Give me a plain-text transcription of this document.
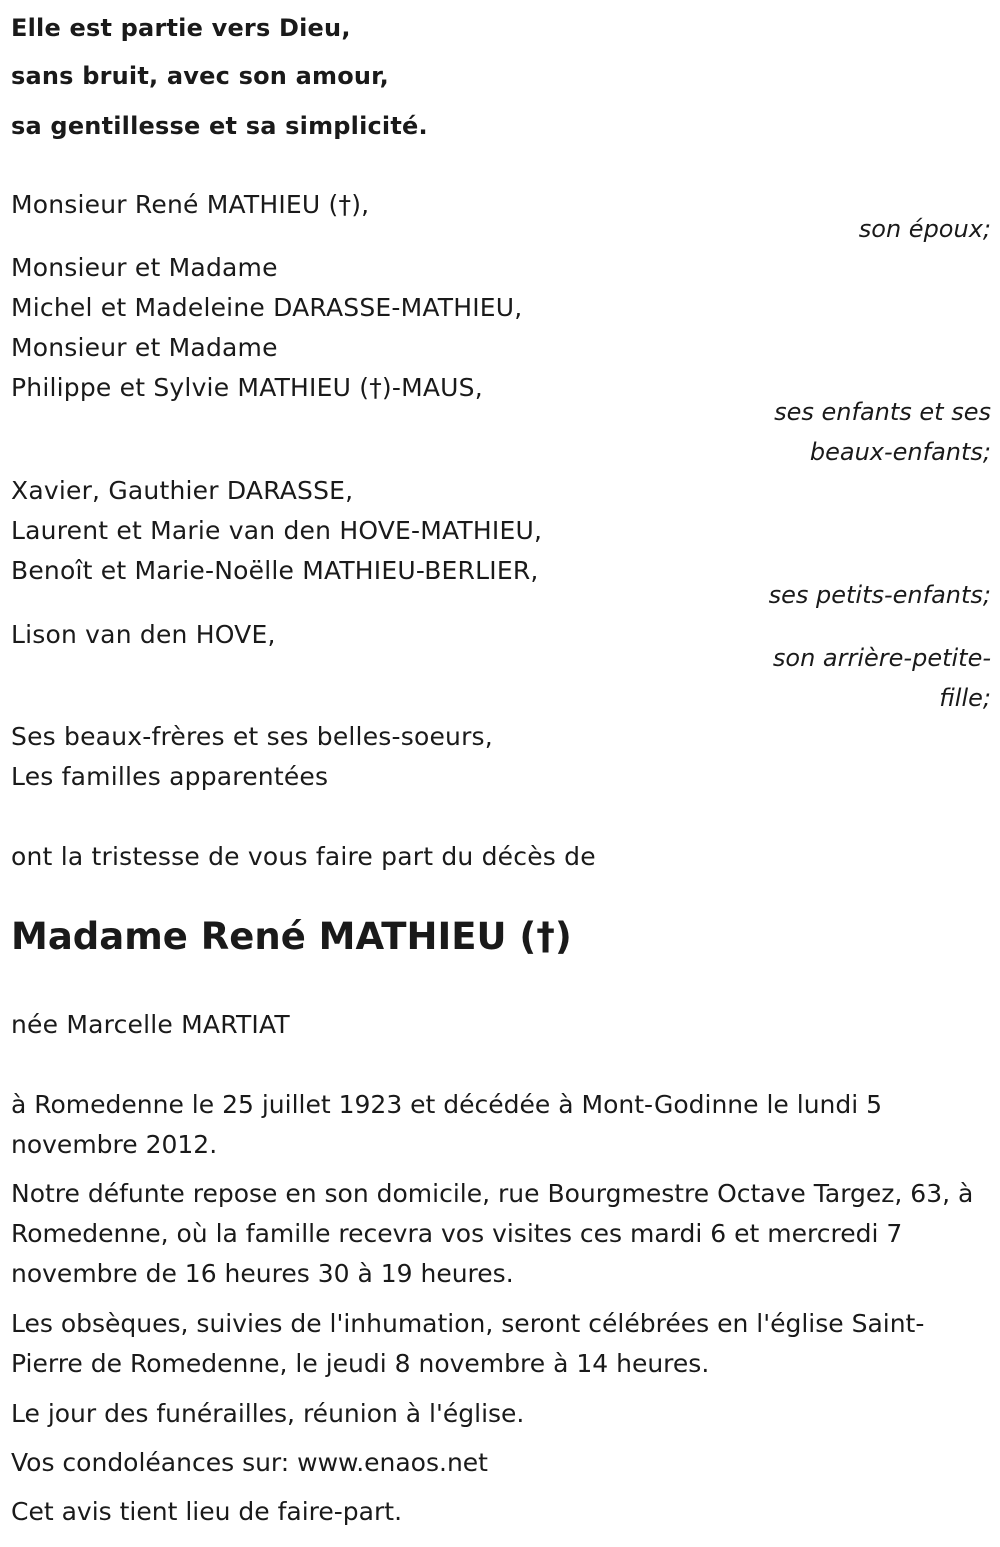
Elle est partie vers Dieu,
sans bruit, avec son amour,
sa gentillesse et sa simplicité.
Monsieur René MATHIEU (†),
son époux;
Monsieur et Madame
Michel et Madeleine DARASSE-MATHIEU,
Monsieur et Madame
Philippe et Sylvie MATHIEU (†)-MAUS,
ses enfants et ses
beaux-enfants;
Xavier, Gauthier DARASSE,
Laurent et Marie van den HOVE-MATHIEU,
Benoît et Marie-Noëlle MATHIEU-BERLIER,
ses petits-enfants;
Lison van den HOVE,
son arrière-petite-
fille;
Ses beaux-frères et ses belles-soeurs,
Les familles apparentées
ont la tristesse de vous faire part du décès de
Madame René MATHIEU (†)
née Marcelle MARTIAT
à Romedenne le 25 juillet 1923 et décédée à Mont-Godinne le lundi 5 novembre 2012.
Notre défunte repose en son domicile, rue Bourgmestre Octave Targez, 63, à Romedenne, où la famille recevra vos visites ces mardi 6 et mercredi 7 novembre de 16 heures 30 à 19 heures.
Les obsèques, suivies de l'inhumation, seront célébrées en l'église Saint-Pierre de Romedenne, le jeudi 8 novembre à 14 heures.
Le jour des funérailles, réunion à l'église.
Vos condoléances sur: www.enaos.net
Cet avis tient lieu de faire-part.
